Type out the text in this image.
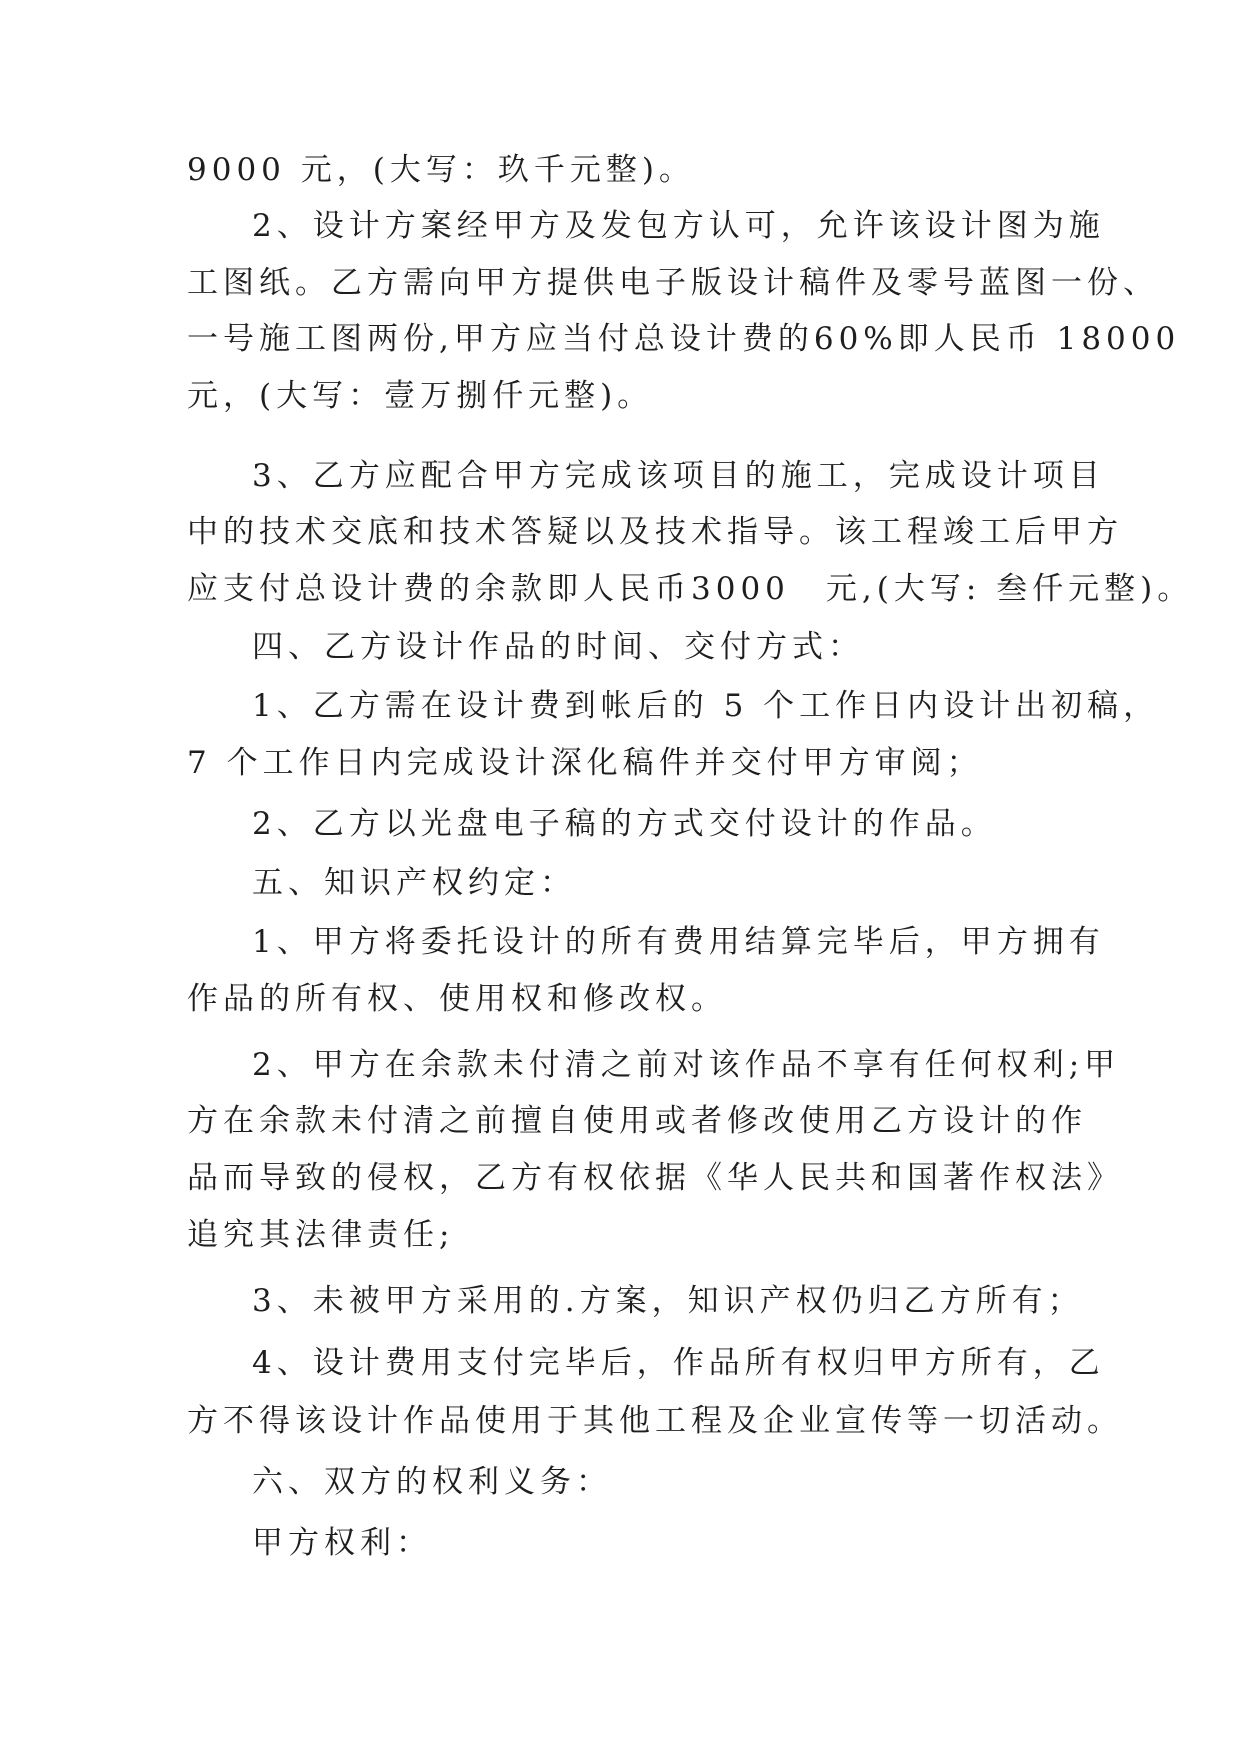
9000 元，(大写：玖千元整)。
2、设计方案经甲方及发包方认可，允许该设计图为施
工图纸。乙方需向甲方提供电子版设计稿件及零号蓝图一份、
一号施工图两份,甲方应当付总设计费的60%即人民币 18000
元，(大写：壹万捌仟元整)。
3、乙方应配合甲方完成该项目的施工，完成设计项目
中的技术交底和技术答疑以及技术指导。该工程竣工后甲方
应支付总设计费的余款即人民币3000　元,(大写: 叁仟元整)。
四、乙方设计作品的时间、交付方式：
1、乙方需在设计费到帐后的 5 个工作日内设计出初稿，
7 个工作日内完成设计深化稿件并交付甲方审阅；
2、乙方以光盘电子稿的方式交付设计的作品。
五、知识产权约定：
1、甲方将委托设计的所有费用结算完毕后，甲方拥有
作品的所有权、使用权和修改权。
2、甲方在余款未付清之前对该作品不享有任何权利;甲
方在余款未付清之前擅自使用或者修改使用乙方设计的作
品而导致的侵权，乙方有权依据《华人民共和国著作权法》
追究其法律责任;
3、未被甲方采用的.方案，知识产权仍归乙方所有；
4、设计费用支付完毕后，作品所有权归甲方所有，乙
方不得该设计作品使用于其他工程及企业宣传等一切活动。
六、双方的权利义务：
甲方权利：
